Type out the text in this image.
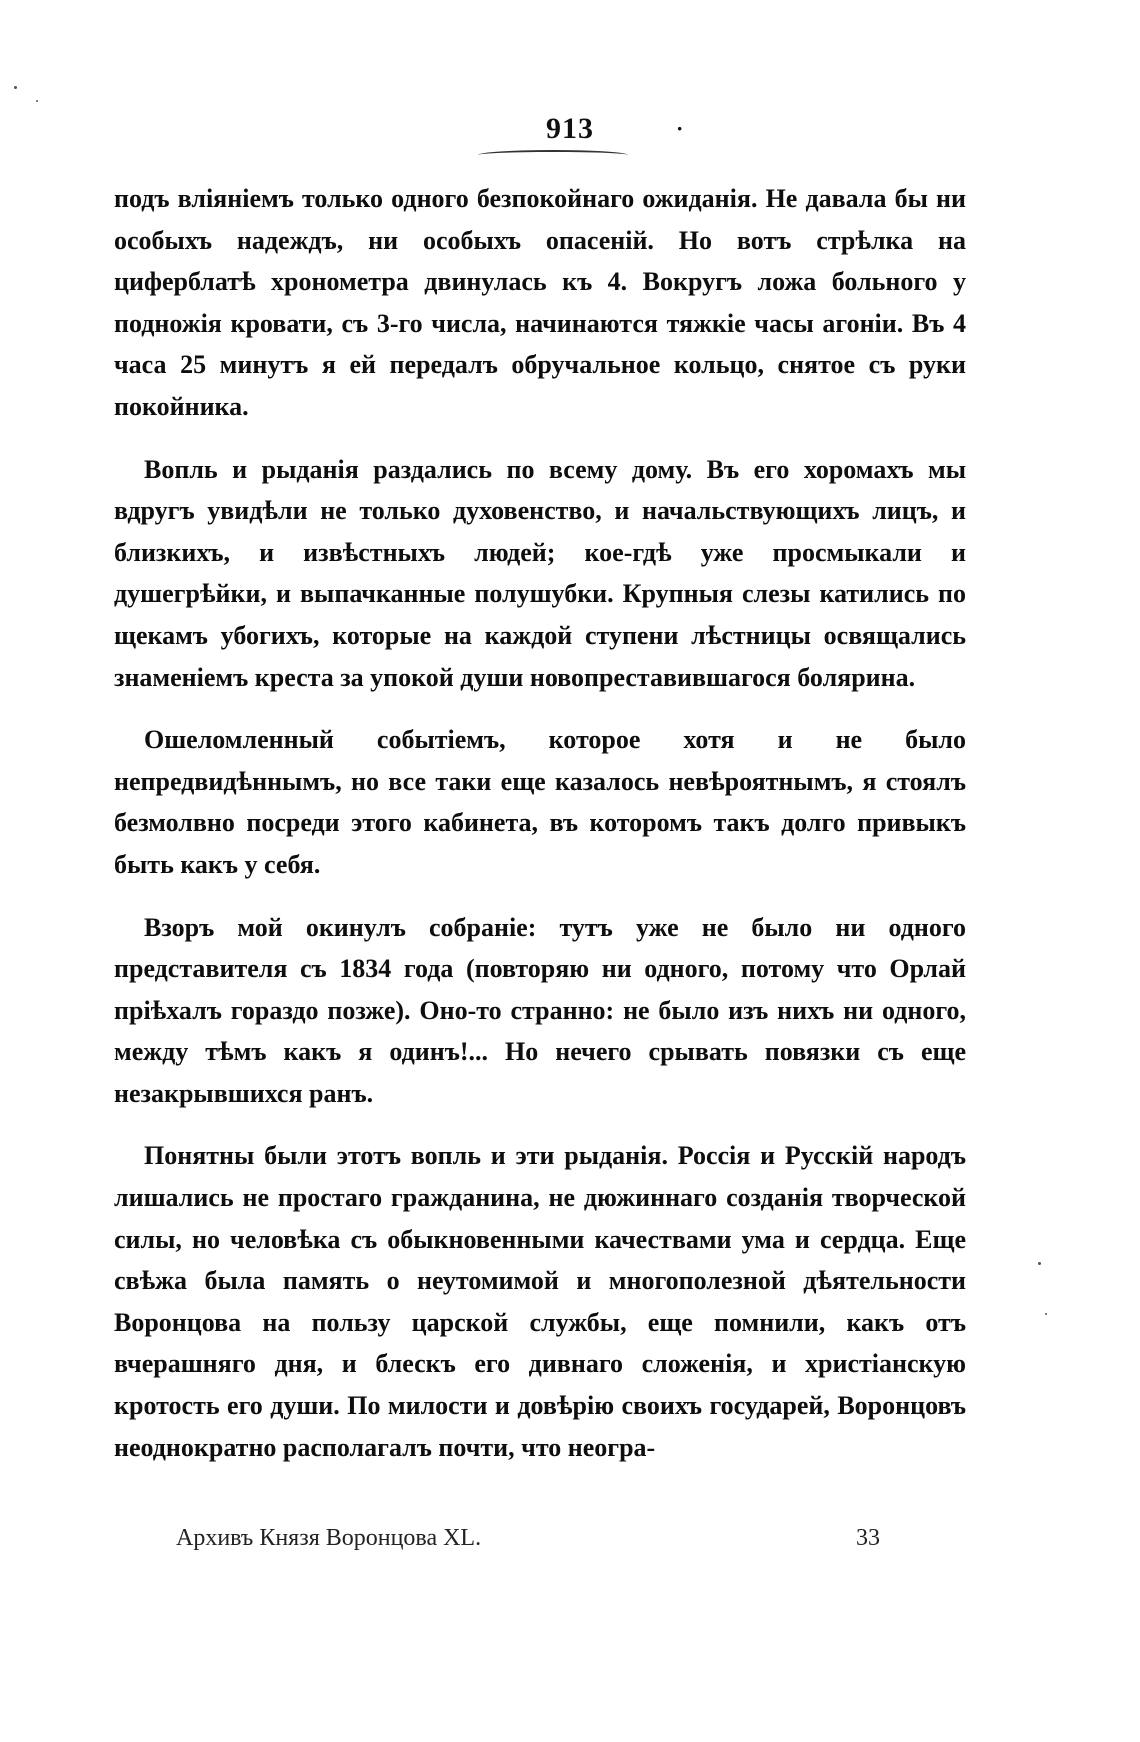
913	·

подъ вліяніемъ только одного безпокойнаго ожиданія. Не давала бы ни особыхъ надеждъ, ни особыхъ опасеній. Но вотъ стрѣлка на циферблатѣ хронометра двинулась къ 4. Вокругъ ложа больного у подножія кровати, съ 3-го числа, начинаются тяжкіе часы агоніи. Въ 4 часа 25 минутъ я ей передалъ обручальное кольцо, снятое съ руки покойника.

Вопль и рыданія раздались по всему дому. Въ его хоромахъ мы вдругъ увидѣли не только духовенство, и начальствующихъ лицъ, и близкихъ, и извѣстныхъ людей; кое-гдѣ уже просмыкали и душегрѣйки, и выпачканные полушубки. Крупныя слезы катились по щекамъ убогихъ, которые на каждой ступени лѣстницы освящались знаменіемъ креста за упокой души новопреставившагося болярина.

Ошеломленный событіемъ, которое хотя и не было непредвидѣннымъ, но все таки еще казалось невѣроятнымъ, я стоялъ безмолвно посреди этого кабинета, въ которомъ такъ долго привыкъ быть какъ у себя.

Взоръ мой окинулъ собраніе: тутъ уже не было ни одного представителя съ 1834 года (повторяю ни одного, потому что Орлай пріѣхалъ гораздо позже). Оно-то странно: не было изъ нихъ ни одного, между тѣмъ какъ я одинъ!... Но нечего срывать повязки съ еще незакрывшихся ранъ.

Понятны были этотъ вопль и эти рыданія. Россія и Русскій народъ лишались не простаго гражданина, не дюжиннаго созданія творческой силы, но человѣка съ обыкновенными качествами ума и сердца. Еще свѣжа была память о неутомимой и многополезной дѣятельности Воронцова на пользу царской службы, еще помнили, какъ отъ вчерашняго дня, и блескъ его дивнаго сложенія, и христіанскую кротость его души. По милости и довѣрію своихъ государей, Воронцовъ неоднократно располагалъ почти, что неогра-

Архивъ Князя Воронцова XL.	33
